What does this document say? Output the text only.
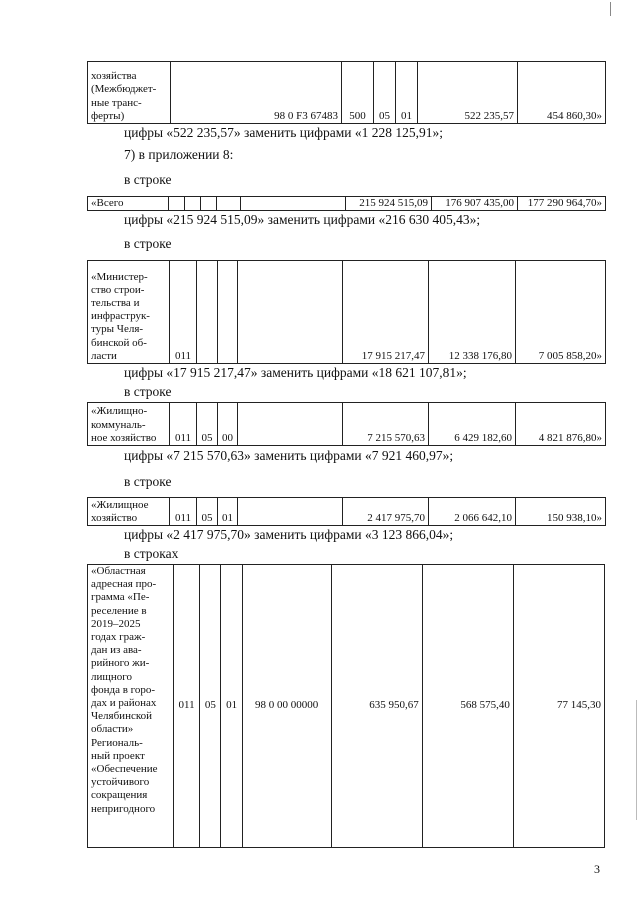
хозяйства
(Межбюджет-
ные транс-
ферты)	98 0 F3 67483	500	05	01	522 235,57	454 860,30»	
цифры «522 235,57» заменить цифрами «1 228 125,91»;
7) в приложении 8:
в строке
«Всего						215 924 515,09	176 907 435,00	177 290 964,70»
цифры «215 924 515,09» заменить цифрами «216 630 405,43»;
в строке
«Министер-
ство строи-
тельства и
инфраструк-
туры Челя-
бинской об-
ласти	011				17 915 217,47	12 338 176,80	7 005 858,20»
цифры «17 915 217,47» заменить цифрами «18 621 107,81»;
в строке
«Жилищно-
коммуналь-
ное хозяйство	011	05	00		7 215 570,63	6 429 182,60	4 821 876,80»
цифры «7 215 570,63» заменить цифрами «7 921 460,97»;
в строке
«Жилищное
хозяйство	011	05	01		2 417 975,70	2 066 642,10	150 938,10»
цифры «2 417 975,70» заменить цифрами «3 123 866,04»;
в строках
«Областная
адресная про-
грамма «Пе-
реселение в
2019–2025
годах граж-
дан из ава-
рийного жи-
лищного
фонда в горо-
дах и районах
Челябинской
области»
Региональ-
ный проект
«Обеспечение
устойчивого
сокращения
непригодного	011	05	01	98 0 00 00000	635 950,67	568 575,40	77 145,30
3
